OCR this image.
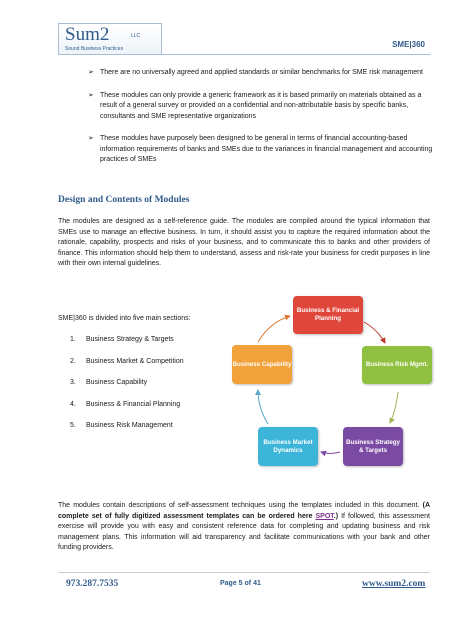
Sum2	LLC
Sound Business Practices	SME|360
➢ There are no universally agreed and applied standards or similar benchmarks for SME risk management
➢ These modules can only provide a generic framework as it is based primarily on materials obtained as a result of a general survey or provided on a confidential and non-attributable basis by specific banks, consultants and SME representative organizations
➢ These modules have purposely been designed to be general in terms of financial accounting-based information requirements of banks and SMEs due to the variances in financial management and accounting practices of SMEs
Design and Contents of Modules
The modules are designed as a self-reference guide. The modules are compiled around the typical information that SMEs use to manage an effective business. In turn, it should assist you to capture the required information about the rationale, capability, prospects and risks of your business, and to communicate this to banks and other providers of finance. This information should help them to understand, assess and risk-rate your business for credit purposes in line with their own internal guidelines.
SME|360 is divided into five main sections:
1. Business Strategy & Targets
2. Business Market & Competition
3. Business Capability
4. Business & Financial Planning
5. Business Risk Management
Business & Financial Planning
Business Risk Mgmt.
Business Strategy & Targets
Business Market Dynamics
Business Capability
The modules contain descriptions of self-assessment techniques using the templates included in this document. (A complete set of fully digitized assessment templates can be ordered here SPOT.) If followed, this assessment exercise will provide you with easy and consistent reference data for completing and updating business and risk management plans. This information will aid transparency and facilitate communications with your bank and other funding providers.
973.287.7535	Page 5 of 41	www.sum2.com
